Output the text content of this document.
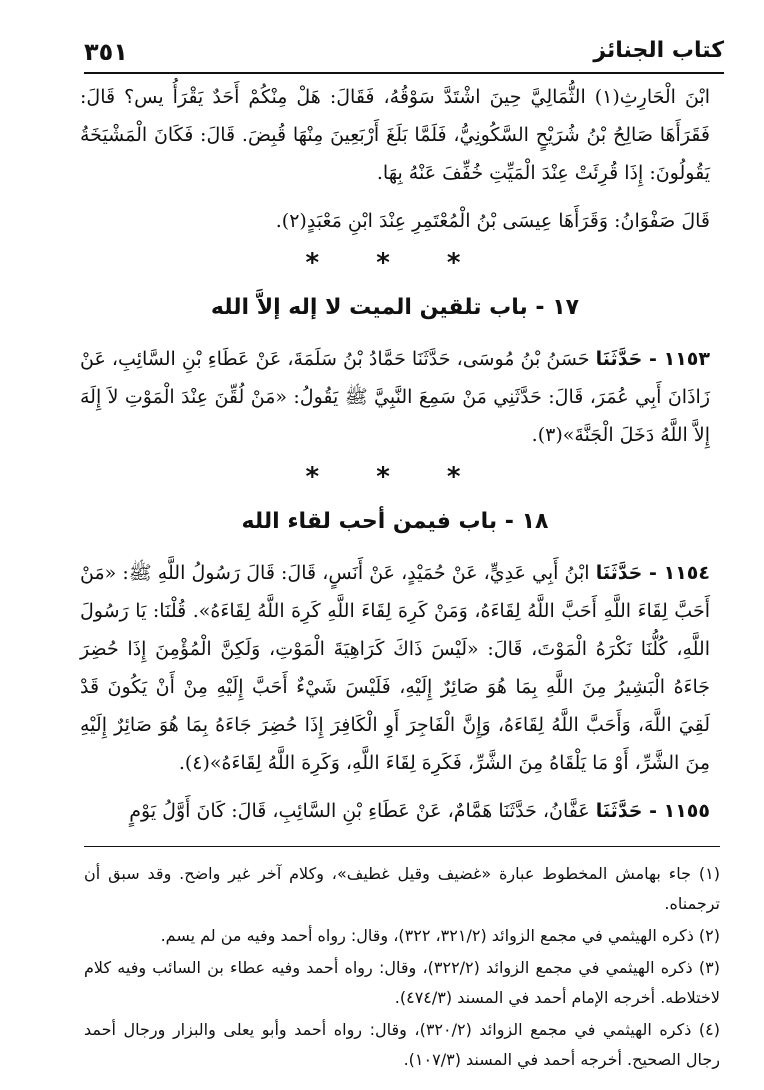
٣٥١	كتاب الجنائز

ابْنَ الْحَارِثِ(١) الثُّمَالِيَّ حِينَ اشْتَدَّ سَوْقُهُ، فَقَالَ: هَلْ مِنْكُمْ أَحَدٌ يَقْرَأُ يس؟ قَالَ: فَقَرَأَهَا صَالِحُ بْنُ شُرَيْحٍ السَّكُونِيُّ، فَلَمَّا بَلَغَ أَرْبَعِينَ مِنْهَا قُبِضَ. قَالَ: فَكَانَ الْمَشْيَخَةُ يَقُولُونَ: إِذَا قُرِئَتْ عِنْدَ الْمَيِّتِ خُفِّفَ عَنْهُ بِهَا.

قَالَ صَفْوَانُ: وَقَرَأَهَا عِيسَى بْنُ الْمُعْتَمِرِ عِنْدَ ابْنِ مَعْبَدٍ(٢).

* * *
١٧ - باب تلقين الميت لا إله إلاَّ الله

١١٥٣ - حَدَّثَنَا حَسَنُ بْنُ مُوسَى، حَدَّثَنَا حَمَّادُ بْنُ سَلَمَةَ، عَنْ عَطَاءِ بْنِ السَّائِبِ، عَنْ زَاذَانَ أَبِي عُمَرَ، قَالَ: حَدَّثَنِي مَنْ سَمِعَ النَّبِيَّ ﷺ يَقُولُ: «مَنْ لُقِّنَ عِنْدَ الْمَوْتِ لاَ إِلَهَ إِلاَّ اللَّهُ دَخَلَ الْجَنَّةَ»(٣).

* * *
١٨ - باب فيمن أحب لقاء الله

١١٥٤ - حَدَّثَنَا ابْنُ أَبِي عَدِيٍّ، عَنْ حُمَيْدٍ، عَنْ أَنَسٍ، قَالَ: قَالَ رَسُولُ اللَّهِ ﷺ: «مَنْ أَحَبَّ لِقَاءَ اللَّهِ أَحَبَّ اللَّهُ لِقَاءَهُ، وَمَنْ كَرِهَ لِقَاءَ اللَّهِ كَرِهَ اللَّهُ لِقَاءَهُ». قُلْنَا: يَا رَسُولَ اللَّهِ، كُلُّنَا نَكْرَهُ الْمَوْتَ، قَالَ: «لَيْسَ ذَاكَ كَرَاهِيَةَ الْمَوْتِ، وَلَكِنَّ الْمُؤْمِنَ إِذَا حُضِرَ جَاءَهُ الْبَشِيرُ مِنَ اللَّهِ بِمَا هُوَ صَائِرٌ إِلَيْهِ، فَلَيْسَ شَيْءٌ أَحَبَّ إِلَيْهِ مِنْ أَنْ يَكُونَ قَدْ لَقِيَ اللَّهَ، وَأَحَبَّ اللَّهُ لِقَاءَهُ، وَإِنَّ الْفَاجِرَ أَوِ الْكَافِرَ إِذَا حُضِرَ جَاءَهُ بِمَا هُوَ صَائِرٌ إِلَيْهِ مِنَ الشَّرِّ، أَوْ مَا يَلْقَاهُ مِنَ الشَّرِّ، فَكَرِهَ لِقَاءَ اللَّهِ، وَكَرِهَ اللَّهُ لِقَاءَهُ»(٤).

١١٥٥ - حَدَّثَنَا عَفَّانُ، حَدَّثَنَا هَمَّامٌ، عَنْ عَطَاءِ بْنِ السَّائِبِ، قَالَ: كَانَ أَوَّلُ يَوْمٍ

(١) جاء بهامش المخطوط عبارة «غضيف وقيل غطيف»، وكلام آخر غير واضح. وقد سبق أن ترجمناه.

(٢) ذكره الهيثمي في مجمع الزوائد (٣٢١/٢، ٣٢٢)، وقال: رواه أحمد وفيه من لم يسم.

(٣) ذكره الهيثمي في مجمع الزوائد (٣٢٢/٢)، وقال: رواه أحمد وفيه عطاء بن السائب وفيه كلام لاختلاطه. أخرجه الإمام أحمد في المسند (٤٧٤/٣).

(٤) ذكره الهيثمي في مجمع الزوائد (٣٢٠/٢)، وقال: رواه أحمد وأبو يعلى والبزار ورجال أحمد رجال الصحيح. أخرجه أحمد في المسند (١٠٧/٣).
